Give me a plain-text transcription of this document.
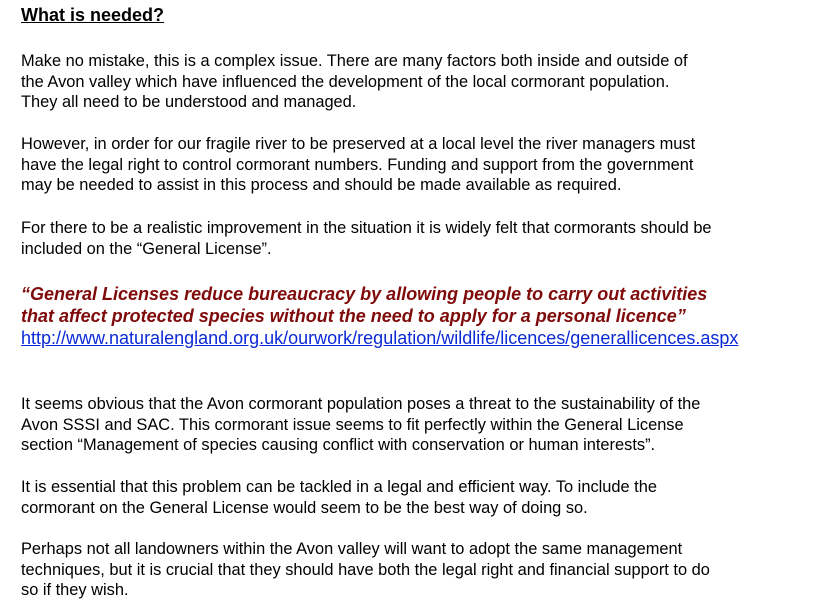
What is needed?

Make no mistake, this is a complex issue. There are many factors both inside and outside of
the Avon valley which have influenced the development of the local cormorant population.
They all need to be understood and managed.

However, in order for our fragile river to be preserved at a local level the river managers must
have the legal right to control cormorant numbers. Funding and support from the government
may be needed to assist in this process and should be made available as required.

For there to be a realistic improvement in the situation it is widely felt that cormorants should be
included on the “General License”.

“General Licenses reduce bureaucracy by allowing people to carry out activities
that affect protected species without the need to apply for a personal licence”

http://www.naturalengland.org.uk/ourwork/regulation/wildlife/licences/generallicences.aspx

It seems obvious that the Avon cormorant population poses a threat to the sustainability of the
Avon SSSI and SAC. This cormorant issue seems to fit perfectly within the General License
section “Management of species causing conflict with conservation or human interests”.

It is essential that this problem can be tackled in a legal and efficient way. To include the
cormorant on the General License would seem to be the best way of doing so.

Perhaps not all landowners within the Avon valley will want to adopt the same management
techniques, but it is crucial that they should have both the legal right and financial support to do
so if they wish.
